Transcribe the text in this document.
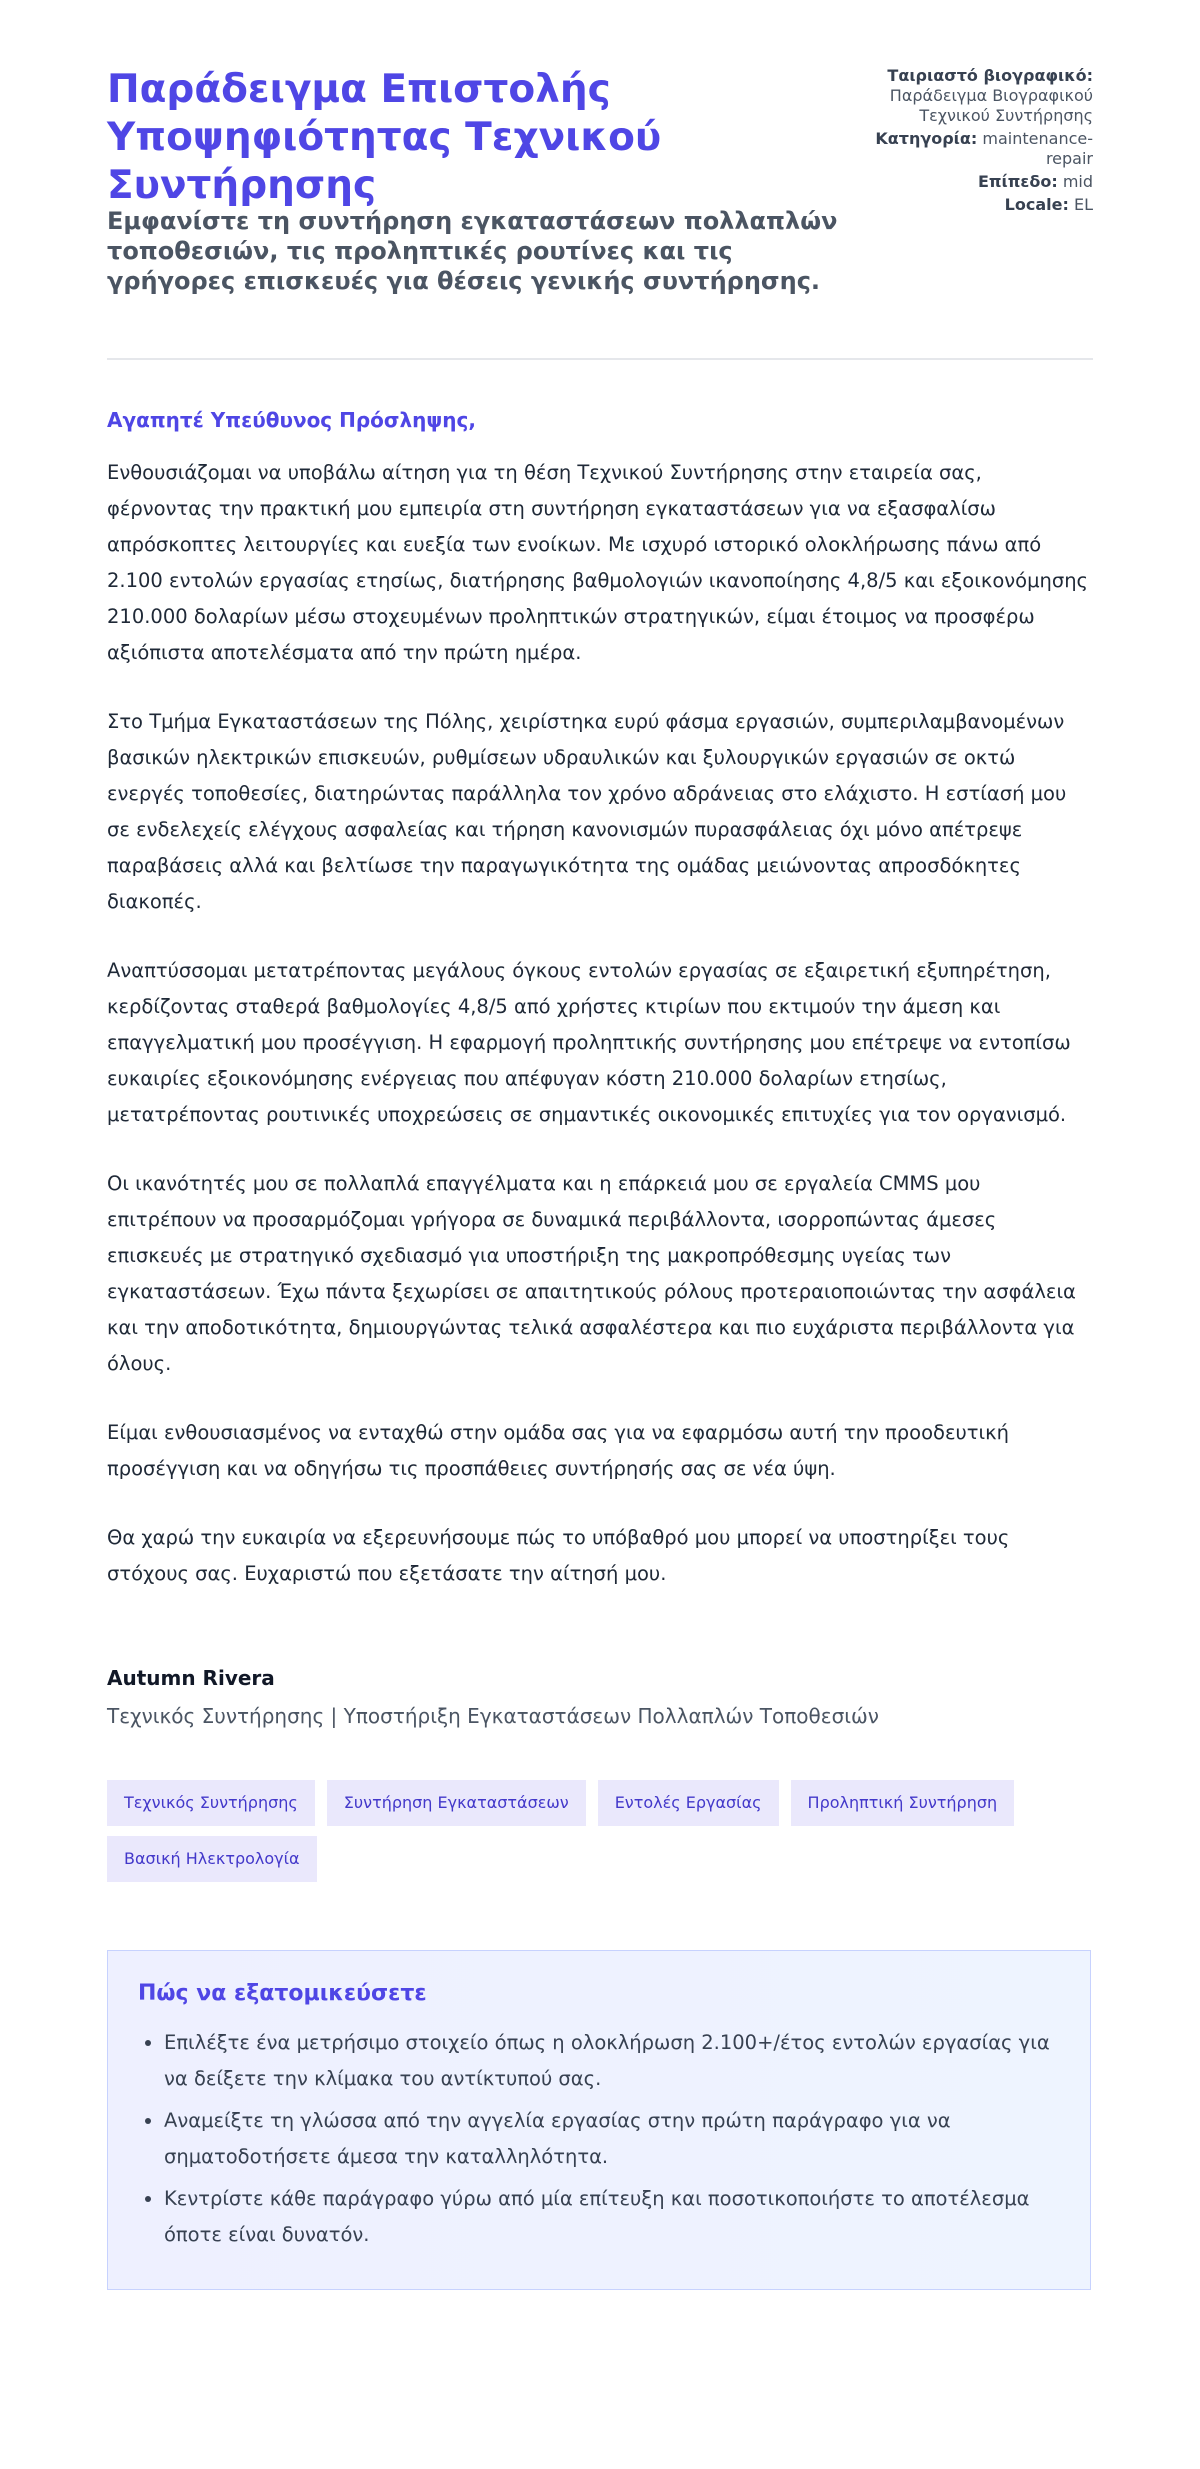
Παράδειγμα Επιστολής Υποψηφιότητας Τεχνικού Συντήρησης
Εμφανίστε τη συντήρηση εγκαταστάσεων πολλαπλών τοποθεσιών, τις προληπτικές ρουτίνες και τις γρήγορες επισκευές για θέσεις γενικής συντήρησης.
Ταιριαστό βιογραφικό: Παράδειγμα Βιογραφικού Τεχνικού Συντήρησης
Κατηγορία: maintenance-repair
Επίπεδο: mid
Locale: EL

Αγαπητέ Υπεύθυνος Πρόσληψης,

Ενθουσιάζομαι να υποβάλω αίτηση για τη θέση Τεχνικού Συντήρησης στην εταιρεία σας, φέρνοντας την πρακτική μου εμπειρία στη συντήρηση εγκαταστάσεων για να εξασφαλίσω απρόσκοπτες λειτουργίες και ευεξία των ενοίκων. Με ισχυρό ιστορικό ολοκλήρωσης πάνω από 2.100 εντολών εργασίας ετησίως, διατήρησης βαθμολογιών ικανοποίησης 4,8/5 και εξοικονόμησης 210.000 δολαρίων μέσω στοχευμένων προληπτικών στρατηγικών, είμαι έτοιμος να προσφέρω αξιόπιστα αποτελέσματα από την πρώτη ημέρα.

Στο Τμήμα Εγκαταστάσεων της Πόλης, χειρίστηκα ευρύ φάσμα εργασιών, συμπεριλαμβανομένων βασικών ηλεκτρικών επισκευών, ρυθμίσεων υδραυλικών και ξυλουργικών εργασιών σε οκτώ ενεργές τοποθεσίες, διατηρώντας παράλληλα τον χρόνο αδράνειας στο ελάχιστο. Η εστίασή μου σε ενδελεχείς ελέγχους ασφαλείας και τήρηση κανονισμών πυρασφάλειας όχι μόνο απέτρεψε παραβάσεις αλλά και βελτίωσε την παραγωγικότητα της ομάδας μειώνοντας απροσδόκητες διακοπές.

Αναπτύσσομαι μετατρέποντας μεγάλους όγκους εντολών εργασίας σε εξαιρετική εξυπηρέτηση, κερδίζοντας σταθερά βαθμολογίες 4,8/5 από χρήστες κτιρίων που εκτιμούν την άμεση και επαγγελματική μου προσέγγιση. Η εφαρμογή προληπτικής συντήρησης μου επέτρεψε να εντοπίσω ευκαιρίες εξοικονόμησης ενέργειας που απέφυγαν κόστη 210.000 δολαρίων ετησίως, μετατρέποντας ρουτινικές υποχρεώσεις σε σημαντικές οικονομικές επιτυχίες για τον οργανισμό.

Οι ικανότητές μου σε πολλαπλά επαγγέλματα και η επάρκειά μου σε εργαλεία CMMS μου επιτρέπουν να προσαρμόζομαι γρήγορα σε δυναμικά περιβάλλοντα, ισορροπώντας άμεσες επισκευές με στρατηγικό σχεδιασμό για υποστήριξη της μακροπρόθεσμης υγείας των εγκαταστάσεων. Έχω πάντα ξεχωρίσει σε απαιτητικούς ρόλους προτεραιοποιώντας την ασφάλεια και την αποδοτικότητα, δημιουργώντας τελικά ασφαλέστερα και πιο ευχάριστα περιβάλλοντα για όλους.

Είμαι ενθουσιασμένος να ενταχθώ στην ομάδα σας για να εφαρμόσω αυτή την προοδευτική προσέγγιση και να οδηγήσω τις προσπάθειες συντήρησής σας σε νέα ύψη.

Θα χαρώ την ευκαιρία να εξερευνήσουμε πώς το υπόβαθρό μου μπορεί να υποστηρίξει τους στόχους σας. Ευχαριστώ που εξετάσατε την αίτησή μου.

Autumn Rivera

Τεχνικός Συντήρησης | Υποστήριξη Εγκαταστάσεων Πολλαπλών Τοποθεσιών

Τεχνικός Συντήρησης	Συντήρηση Εγκαταστάσεων	Εντολές Εργασίας	Προληπτική Συντήρηση
Βασική Ηλεκτρολογία
Πώς να εξατομικεύσετε
• Επιλέξτε ένα μετρήσιμο στοιχείο όπως η ολοκλήρωση 2.100+/έτος εντολών εργασίας για να δείξετε την κλίμακα του αντίκτυπού σας.
• Αναμείξτε τη γλώσσα από την αγγελία εργασίας στην πρώτη παράγραφο για να σηματοδοτήσετε άμεσα την καταλληλότητα.
• Κεντρίστε κάθε παράγραφο γύρω από μία επίτευξη και ποσοτικοποιήστε το αποτέλεσμα όποτε είναι δυνατόν.
